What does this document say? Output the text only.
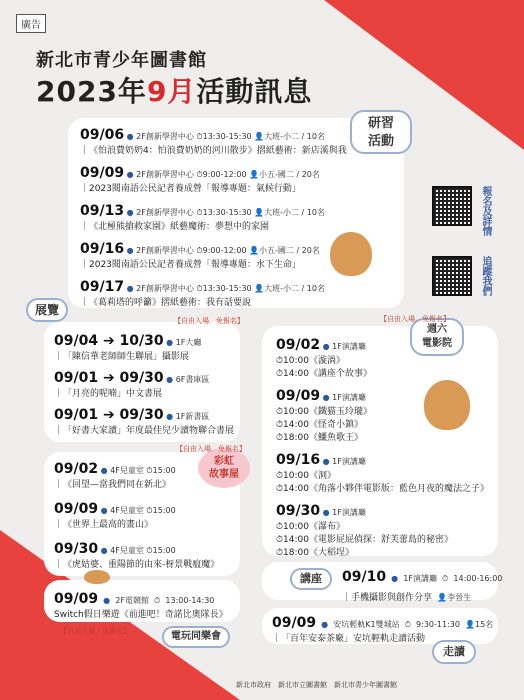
廣告
新北市青少年圖書館
2023年9月活動訊息
研習
活動
09/06 ● 2F創新學習中心 ⏱13:30-15:30 👤大班-小二 / 10名
｜《怕浪費奶奶4：怕浪費奶奶的河川散步》摺紙藝術：新店溪與我
09/09 ● 2F創新學習中心 ⏱9:00-12:00 👤小五-國二 / 20名
｜2023閱南語公民記者養成營「報導專題：氣候行動」
09/13 ● 2F創新學習中心 ⏱13:30-15:30 👤大班-小二 / 10名
｜《北極熊搶救家園》紙藝魔術：夢想中的家園
09/16 ● 2F創新學習中心 ⏱9:00-12:00 👤小五-國二 / 20名
｜2023閱南語公民記者養成營「報導專題：水下生命」
09/17 ● 2F創新學習中心 ⏱13:30-15:30 👤大班-小二 / 10名
｜《葛莉塔的呼籲》摺紙藝術：我有話要說
報名及詳情
追蹤我們
展覽
【自由入場．免報名】
09/04 ➔ 10/30 ● 1F大廳
｜「陳信華老師師生聯展」攝影展
09/01 ➔ 09/30 ● 6F書庫區
｜「月亮的呢喃」中文書展
09/01 ➔ 09/30 ● 1F新書區
｜「好書大家讀」年度最佳兒少讀物聯合書展
彩虹
故事屋
【自由入場．免報名】
09/02 ● 4F兒童室 ⏱15:00
｜《回望—當我們同在新北》
09/09 ● 4F兒童室 ⏱15:00
｜《世界上最高的畫山》
09/30 ● 4F兒童室 ⏱15:00
｜《虎姑婆、重陽節的由來-枒景戰瘟魔》
09/09 ● 2F電競館 ⏱ 13:00-14:30
Switch假日樂遊《前進吧！奇諾比奧隊長》
【自由入場．免報名】	電玩同樂會
週六
電影院
【自由入場．免報名】
09/02 ● 1F演講廳
⏱10:00《漩渦》
⏱14:00《講座个故事》
09/09 ● 1F演講廳
⏱10:00《鐵猫玉玲瓏》
⏱14:00《怪奇小鎮》
⏱18:00《鱷魚歌王》
09/16 ● 1F演講廳
⏱10:00《洞》
⏱14:00《角落小夥伴電影版：藍色月夜的魔法之子》
09/30 ● 1F演講廳
⏱10:00《瀑布》
⏱14:00《電影屁屁偵探：舒芙蕾島的秘密》
⏱18:00《大稻埕》
講座	09/10 ● 1F演講廳 ⏱ 14:00-16:00
｜手機攝影與創作分享 👤李晉生
09/09 ● 安坑輕軌K1雙城站 ⏱ 9:30-11:30 👤15名
｜「百年安泰茶廠」安坑輕軌走讀活動
走讀
新北市政府　新北市立圖書館　新北市青少年圖書館
